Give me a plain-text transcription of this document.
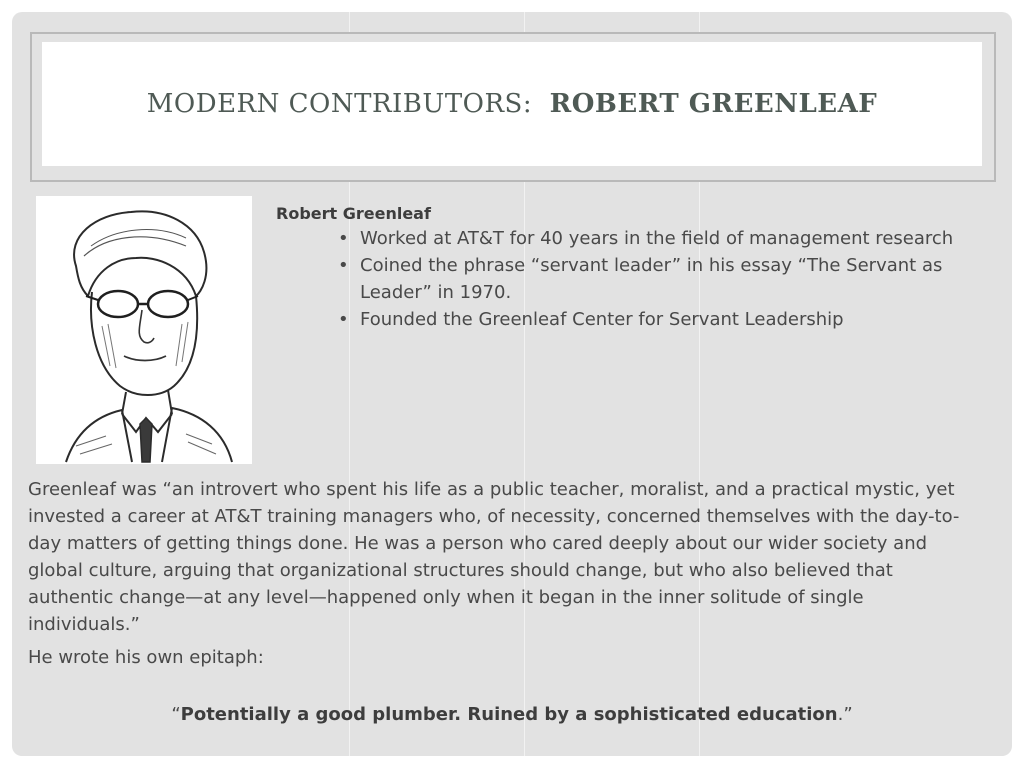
MODERN CONTRIBUTORS: ROBERT GREENLEAF
Robert Greenleaf
• Worked at AT&T for 40 years in the field of management research
• Coined the phrase “servant leader” in his essay “The Servant as Leader” in 1970.
• Founded the Greenleaf Center for Servant Leadership

Greenleaf was “an introvert who spent his life as a public teacher, moralist, and a practical mystic, yet invested a career at AT&T training managers who, of necessity, concerned themselves with the day-to-day matters of getting things done. He was a person who cared deeply about our wider society and global culture, arguing that organizational structures should change, but who also believed that authentic change—at any level—happened only when it began in the inner solitude of single individuals.”

He wrote his own epitaph:

“Potentially a good plumber. Ruined by a sophisticated education.”
